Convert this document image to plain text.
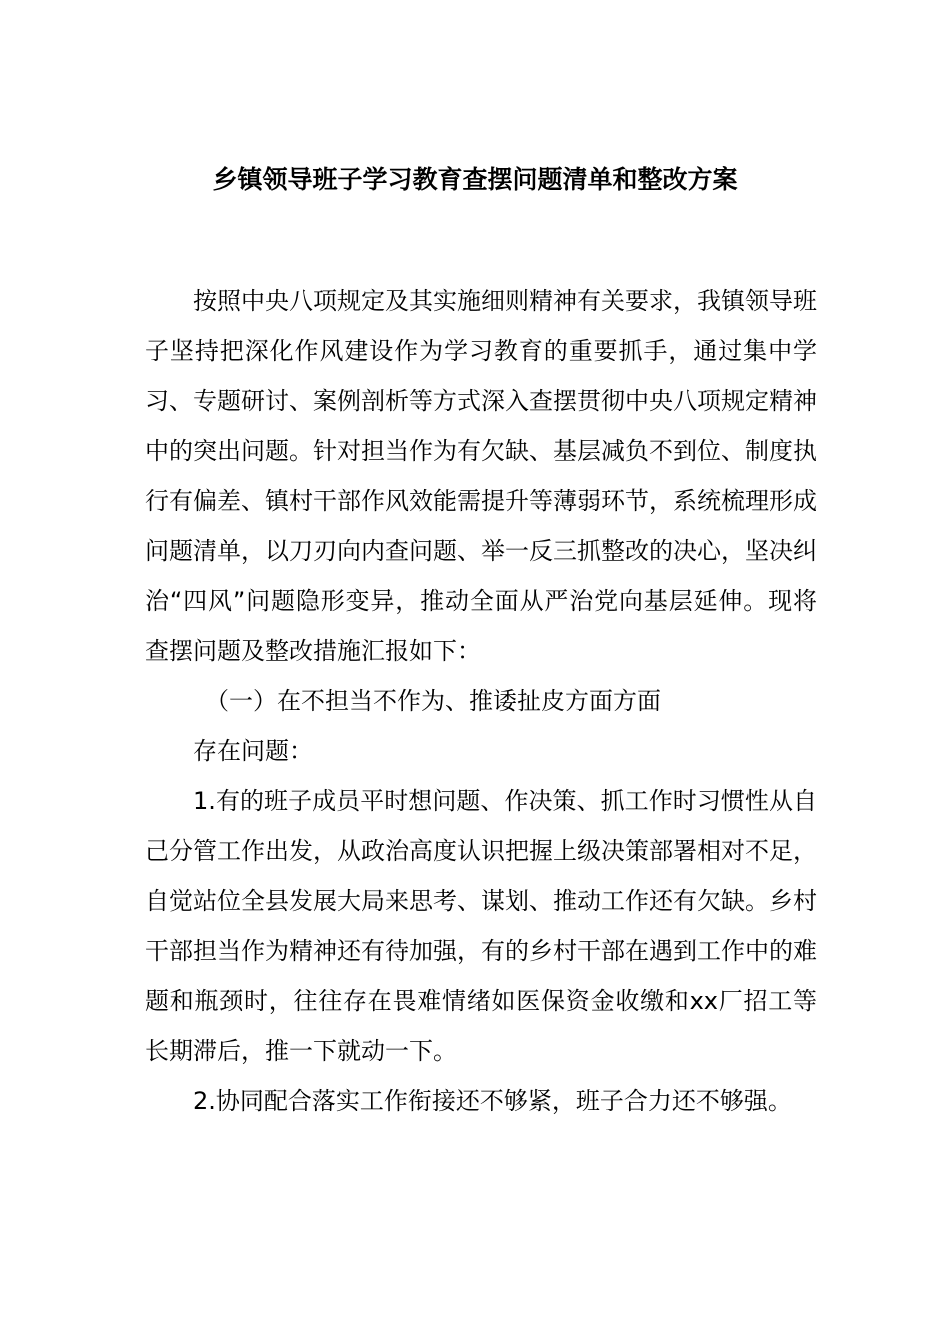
乡镇领导班子学习教育查摆问题清单和整改方案

按照中央八项规定及其实施细则精神有关要求，我镇领导班子坚持把深化作风建设作为学习教育的重要抓手，通过集中学习、专题研讨、案例剖析等方式深入查摆贯彻中央八项规定精神中的突出问题。针对担当作为有欠缺、基层减负不到位、制度执行有偏差、镇村干部作风效能需提升等薄弱环节，系统梳理形成问题清单，以刀刃向内查问题、举一反三抓整改的决心，坚决纠治“四风”问题隐形变异，推动全面从严治党向基层延伸。现将查摆问题及整改措施汇报如下：

（一）在不担当不作为、推诿扯皮方面方面

存在问题：

1.有的班子成员平时想问题、作决策、抓工作时习惯性从自己分管工作出发，从政治高度认识把握上级决策部署相对不足，自觉站位全县发展大局来思考、谋划、推动工作还有欠缺。乡村干部担当作为精神还有待加强，有的乡村干部在遇到工作中的难题和瓶颈时，往往存在畏难情绪如医保资金收缴和xx厂招工等长期滞后，推一下就动一下。

2.协同配合落实工作衔接还不够紧，班子合力还不够强。
